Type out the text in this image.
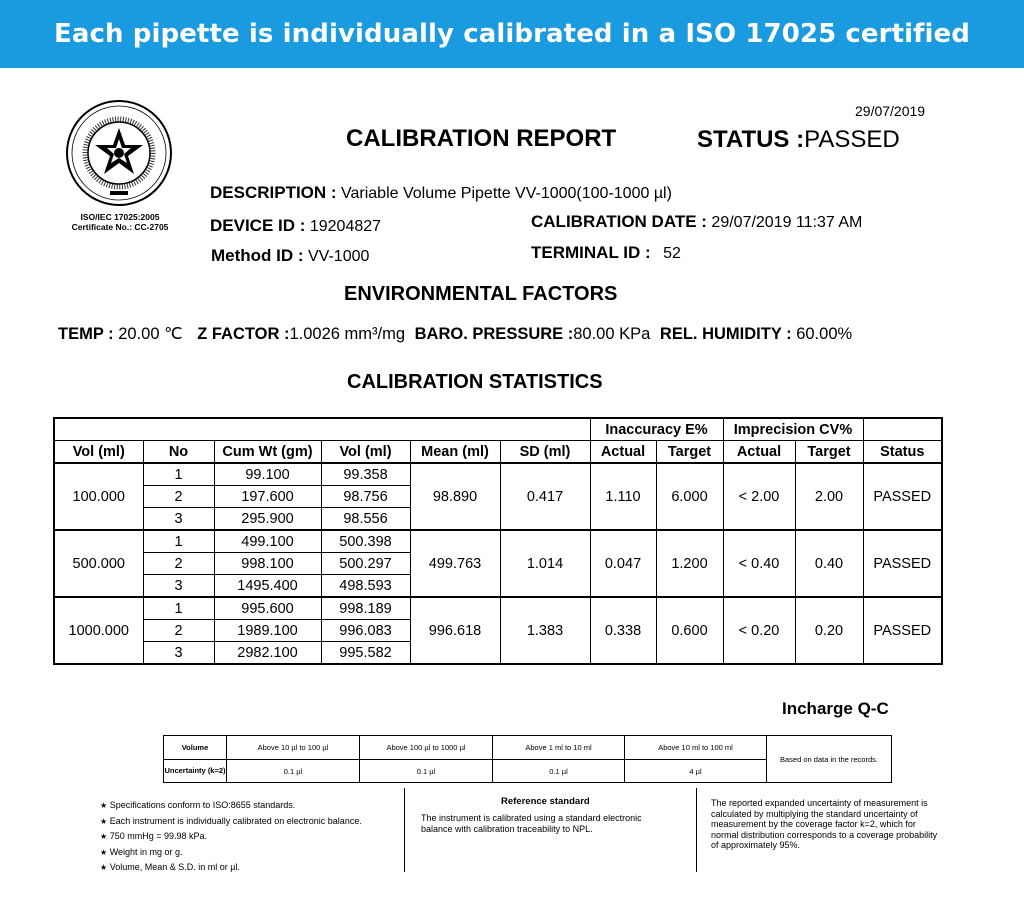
Each pipette is individually calibrated in a ISO 17025 certified laboratory
ISO/IEC 17025:2005
Certificate No.: CC-2705
29/07/2019
CALIBRATION REPORT	STATUS :PASSED
DESCRIPTION : Variable Volume Pipette VV-1000(100-1000 µl)
DEVICE ID : 19204827	CALIBRATION DATE : 29/07/2019 11:37 AM
Method ID : VV-1000	TERMINAL ID : 52
ENVIRONMENTAL FACTORS
TEMP : 20.00 ℃ Z FACTOR :1.0026 mm³/mg BARO. PRESSURE :80.00 KPa REL. HUMIDITY : 60.00%
CALIBRATION STATISTICS
						Inaccuracy E%		Imprecision CV%		
Vol (ml)	No	Cum Wt (gm)	Vol (ml)	Mean (ml)	SD (ml)	Actual	Target	Actual	Target	Status
100.000	1	99.100	99.358	98.890	0.417	1.110	6.000	< 2.00	2.00	PASSED
	2	197.600	98.756							
	3	295.900	98.556							
500.000	1	499.100	500.398	499.763	1.014	0.047	1.200	< 0.40	0.40	PASSED
	2	998.100	500.297							
	3	1495.400	498.593							
1000.000	1	995.600	998.189	996.618	1.383	0.338	0.600	< 0.20	0.20	PASSED
	2	1989.100	996.083							
	3	2982.100	995.582							
Incharge Q-C
Volume	Above 10 µl to 100 µl	Above 100 µl to 1000 µl	Above 1 ml to 10 ml	Above 10 ml to 100 ml	Based on data in the records.
Uncertainty (k=2)	0.1 µl	0.1 µl	0.1 µl	4 µl	
★ Specifications conform to ISO:8655 standards.
★ Each instrument is individually calibrated on electronic balance.
★ 750 mmHg = 99.98 kPa.
★ Weight in mg or g.
★ Volume, Mean & S.D. in ml or µl.
Reference standard
The instrument is calibrated using a standard electronic
balance with calibration traceability to NPL.
The reported expanded uncertainty of measurement is
calculated by multiplying the standard uncertainty of
measurement by the coverage factor k=2, which for
normal distribution corresponds to a coverage probability
of approximately 95%.
